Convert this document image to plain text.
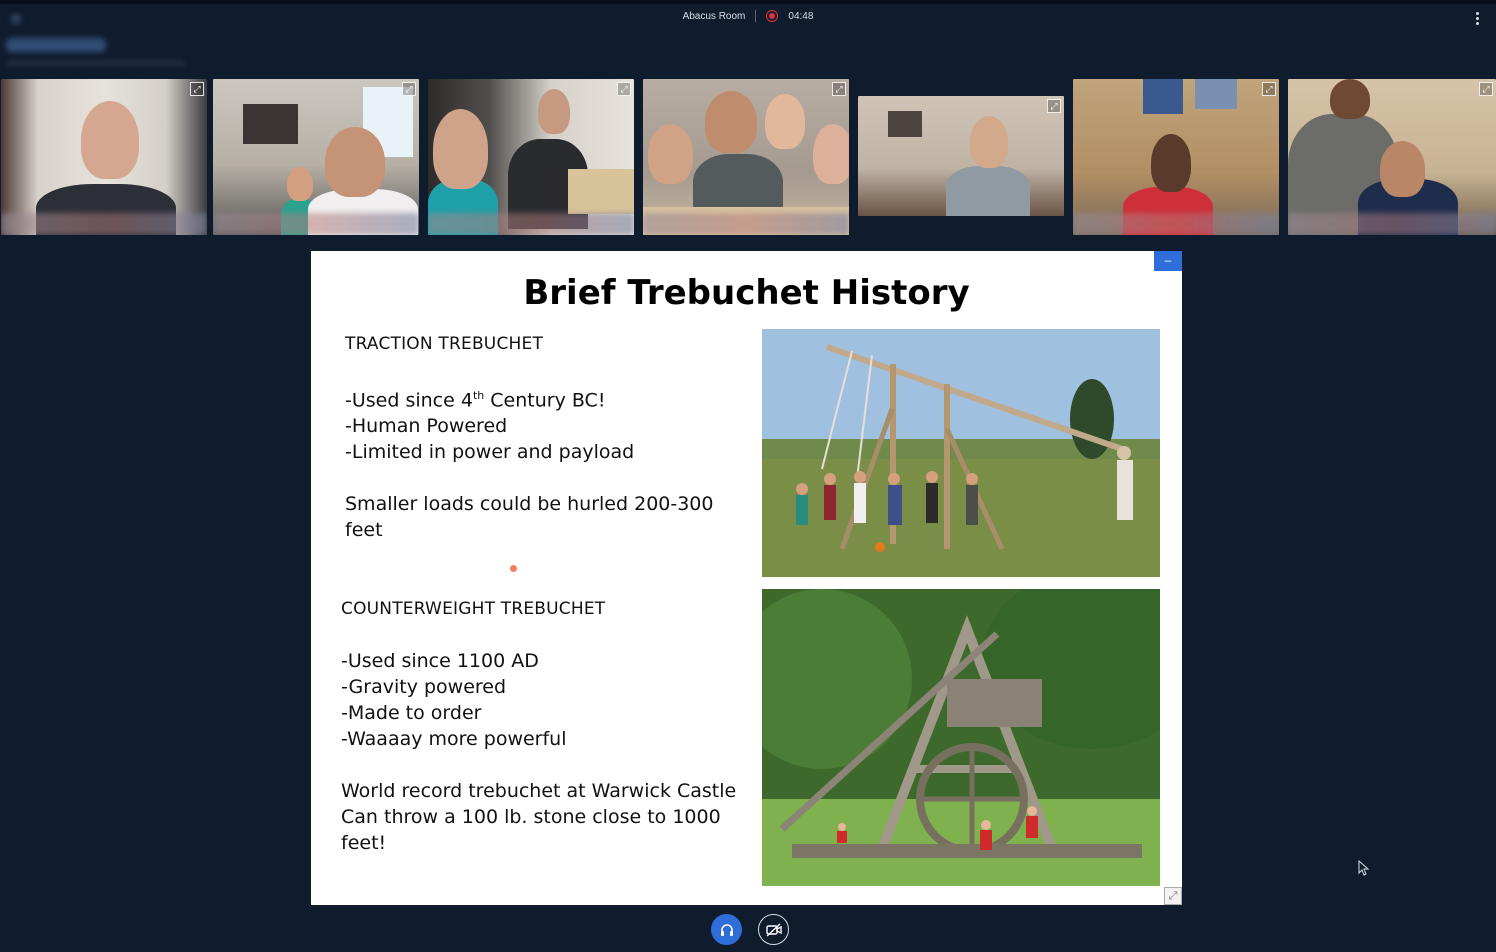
Abacus Room	04:48
⤢	⤢	⤢	⤢
⤢
⤢	⤢
–
Brief Trebuchet History
TRACTION TREBUCHET
-Used since 4th Century BC!
-Human Powered
-Limited in power and payload
Smaller loads could be hurled 200-300 feet
COUNTERWEIGHT TREBUCHET
-Used since 1100 AD
-Gravity powered
-Made to order
-Waaaay more powerful
World record trebuchet at Warwick Castle
Can throw a 100 lb. stone close to 1000 feet!
⤢
